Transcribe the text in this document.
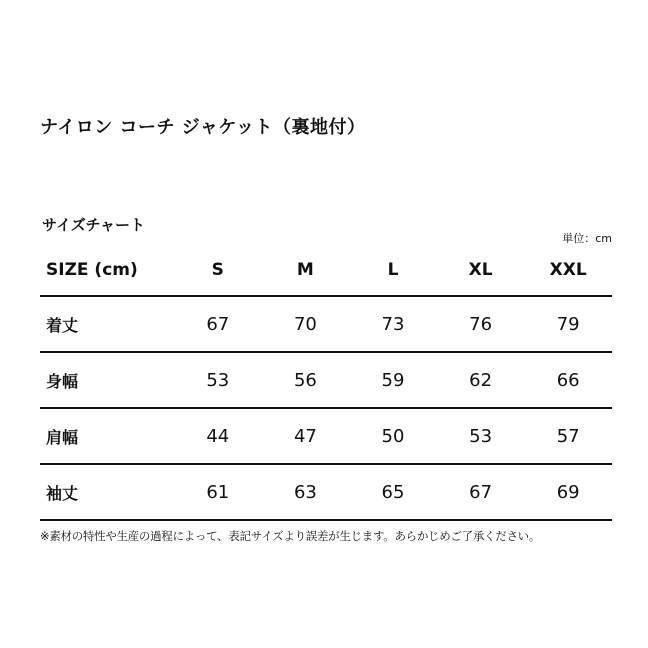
ナイロン コーチ ジャケット（裏地付）
サイズチャート
単位：cm
SIZE (cm)	S	M	L	XL	XXL
着丈	67	70	73	76	79
身幅	53	56	59	62	66
肩幅	44	47	50	53	57
袖丈	61	63	65	67	69
※素材の特性や生産の過程によって、表記サイズより誤差が生じます。あらかじめご了承ください。
